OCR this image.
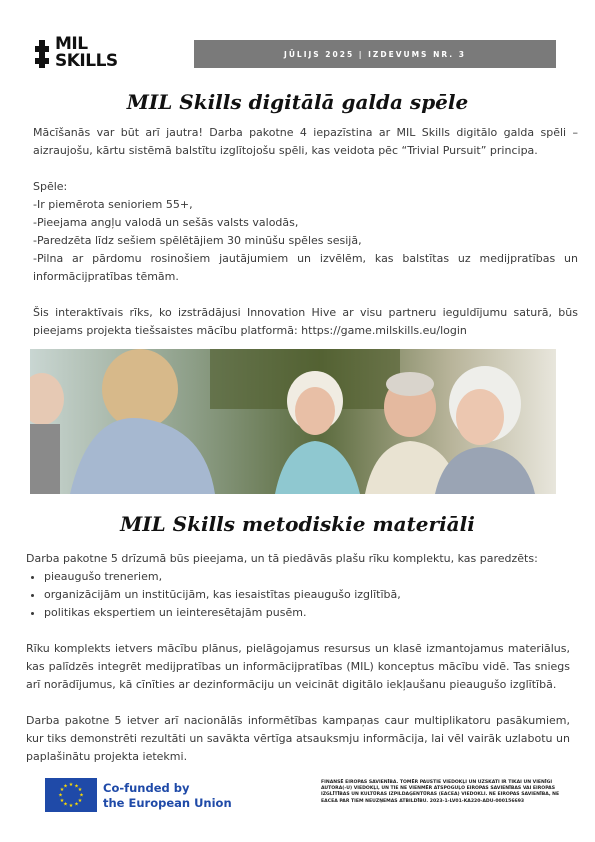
MIL
SKILLS	JŪLIJS 2025 | IZDEVUMS NR. 3
MIL Skills digitālā galda spēle

Mācīšanās var būt arī jautra! Darba pakotne 4 iepazīstina ar MIL Skills digitālo galda spēli – aizraujošu, kārtu sistēmā balstītu izglītojošu spēli, kas veidota pēc “Trivial Pursuit” principa.

Spēle:

-Ir piemērota senioriem 55+,

-Pieejama angļu valodā un sešās valsts valodās,

-Paredzēta līdz sešiem spēlētājiem 30 minūšu spēles sesijā,

-Pilna ar pārdomu rosinošiem jautājumiem un izvēlēm, kas balstītas uz medijpratības un informācijpratības tēmām.

Šis interaktīvais rīks, ko izstrādājusi Innovation Hive ar visu partneru ieguldījumu saturā, būs pieejams projekta tiešsaistes mācību platformā: https://game.milskills.eu/login

MIL Skills metodiskie materiāli

Darba pakotne 5 drīzumā būs pieejama, un tā piedāvās plašu rīku komplektu, kas paredzēts:

• pieaugušo treneriem,
• organizācijām un institūcijām, kas iesaistītas pieaugušo izglītībā,
• politikas ekspertiem un ieinteresētajām pusēm.

Rīku komplekts ietvers mācību plānus, pielāgojamus resursus un klasē izmantojamus materiālus, kas palīdzēs integrēt medijpratības un informācijpratības (MIL) konceptus mācību vidē. Tas sniegs arī norādījumus, kā cīnīties ar dezinformāciju un veicināt digitālo iekļaušanu pieaugušo izglītībā.

Darba pakotne 5 ietver arī nacionālās informētības kampaņas caur multiplikatoru pasākumiem, kur tiks demonstrēti rezultāti un savākta vērtīga atsauksmju informācija, lai vēl vairāk uzlabotu un paplašinātu projekta ietekmi.

★ ★
★
★
★
★
★
★
★
★
★
★	Co-funded by
the European Union
FINANSĒ EIROPAS SAVIENĪBA. TOMĒR PAUSTIE VIEDOKĻI UN UZSKATI IR TIKAI UN VIENĪGI AUTORA(-U) VIEDOKĻI, UN TIE NE VIENMĒR ATSPOGUĻO EIROPAS SAVIENĪBAS VAI EIROPAS IZGLĪTĪBAS UN KULTŪRAS IZPILDAĢENTŪRAS (EACEA) VIEDOKLI. NE EIROPAS SAVIENĪBA, NE EACEA PAR TIEM NEUZŅEMAS ATBILDĪBU. 2023-1-LV01-KA220-ADU-000156693
